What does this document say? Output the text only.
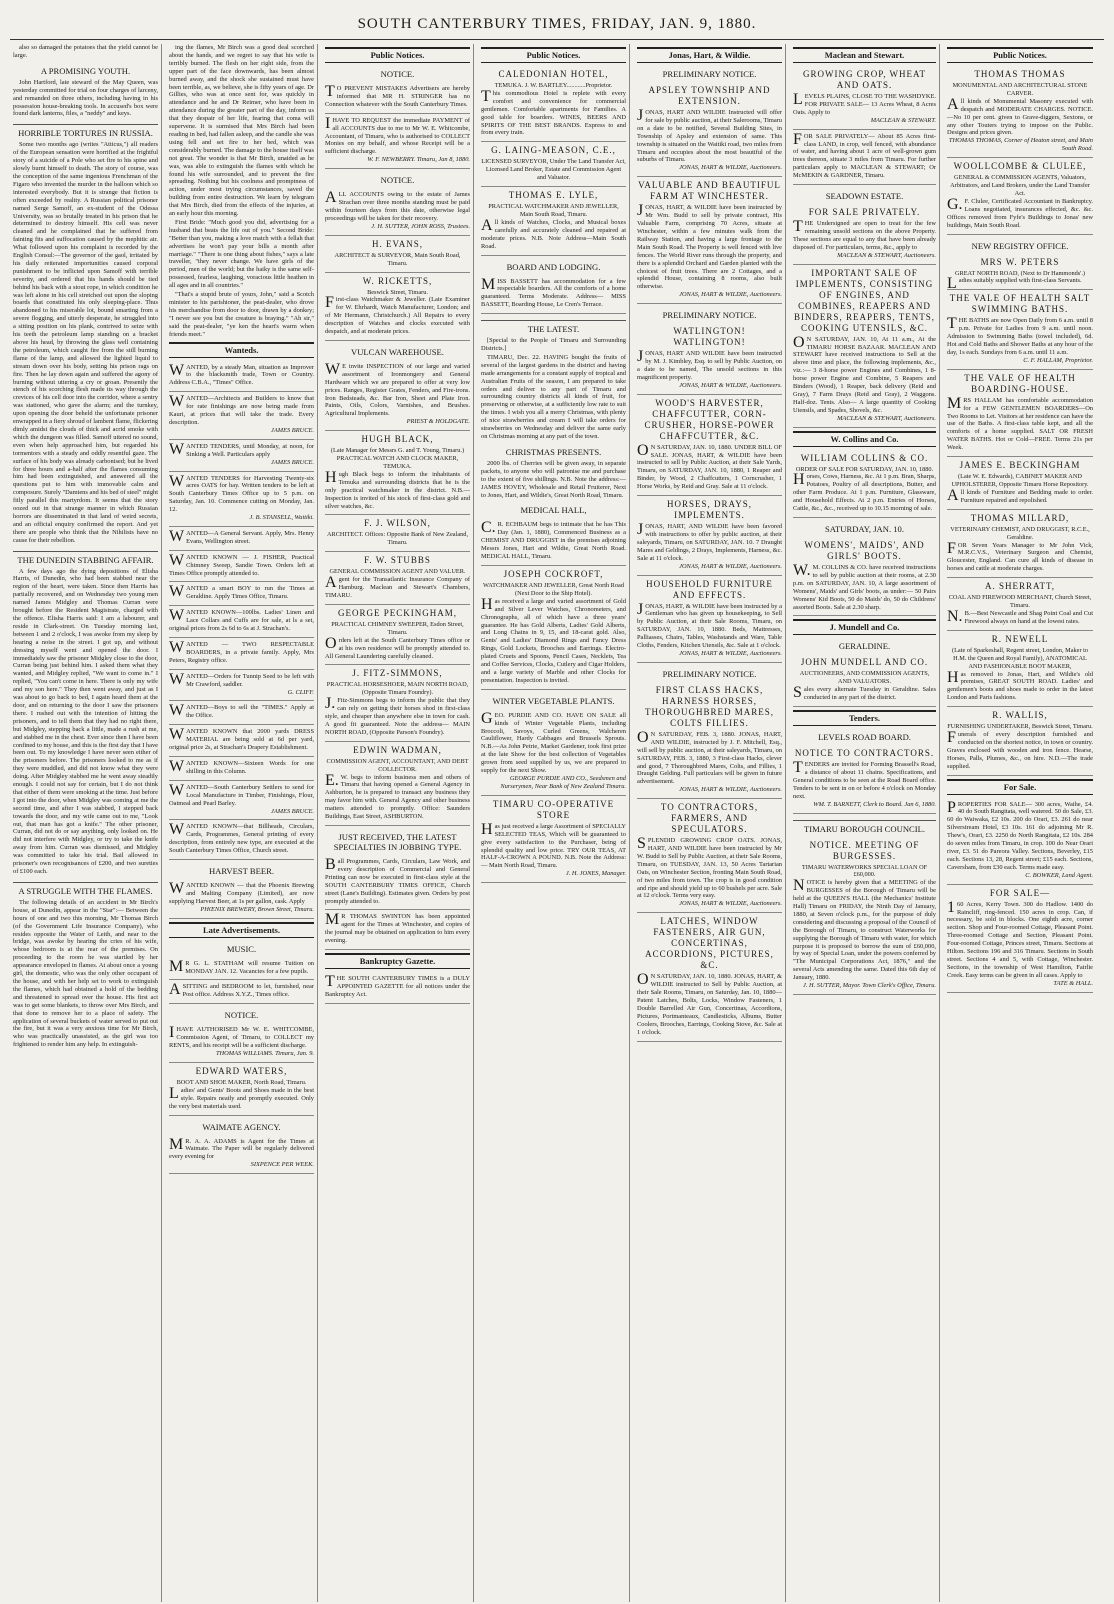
SOUTH CANTERBURY TIMES, FRIDAY, JAN. 9, 1880.

also so damaged the potatoes that the yield cannot be large.

A PROMISING YOUTH.

John Hartford, late steward of the May Queen, was yesterday committed for trial on four charges of larceny, and remanded on three others, including having in his possession house-breaking tools. In accused's box were found dark lanterns, files, a "neddy" and keys.

HORRIBLE TORTURES IN RUSSIA.

Some two months ago (writes "Atticus,") all readers of the European sensation were horrified at the frightful story of a suicide of a Pole who set fire to his spine and slowly burnt himself to death. The story of course, was the conception of the same ingenious Frenchman of the Figaro who invented the murder in the balloon which so interested everybody. But it is strange that fiction is often exceeded by reality. A Russian political prisoner named Serge Samoff, an ex-student of the Odessa University, was so brutally treated in his prison that he determined to destroy himself. His cell was never cleaned and he complained that he suffered from fainting fits and suffocation caused by the mephitic air. What followed upon his complaint is recorded by the English Consul:—The governor of the gaol, irritated by his daily reiterated importunities caused corporal punishment to be inflicted upon Samoff with terrible severity, and ordered that his hands should be tied behind his back with a stout rope, in which condition he was left alone in his cell stretched out upon the sloping boards that constituted his only sleeping-place. Thus abandoned to his miserable lot, bound smarting from a severe flogging, and utterly desperate, he struggled into a sitting position on his plank, contrived to seize with his teeth the petroleum lamp standing on a bracket above his head, by throwing the glass well containing the petroleum, which caught fire from the still burning flame of the lamp, and allowed the lighted liquid to stream down over his body, setting his prison rags on fire. Then he lay down again and suffered the agony of burning without uttering a cry or groan. Presently the stench of his scorching flesh made its way through the crevices of his cell door into the corridor, where a sentry was stationed, who gave the alarm; and the turnkey, upon opening the door beheld the unfortunate prisoner enwrapped in a fiery shroud of lambent flame, flickering dimly amidst the clouds of thick and acrid smoke with which the dungeon was filled. Samoff uttered no sound, even when help approached him, but regarded his tormentors with a steady and oddly resentful gaze. The surface of his body was already carbonised; but he lived for three hours and a-half after the flames consuming him had been extinguished, and answered all the questions put to him with immovable calm and composure. Surely "Damiens and his bed of steel" might fitly parallel this martyrdom. It seems that the story oozed out in that strange manner in which Russian horrors are disseminated in that land of weird secrets, and an official enquiry confirmed the report. And yet there are people who think that the Nihilists have no cause for their rebellion.

THE DUNEDIN STABBING AFFAIR.

A few days ago the dying depositions of Elisha Harris, of Dunedin, who had been stabbed near the region of the heart, were taken. Since then Harris has partially recovered, and on Wednesday two young men named James Midgley and Thomas Curran were brought before the Resident Magistrate, charged with the offence. Elisha Harris said: I am a labourer, and reside in Clark-street. On Tuesday morning last, between 1 and 2 o'clock, I was awoke from my sleep by hearing a noise in the street. I got up, and without dressing myself went and opened the door. I immediately saw the prisoner Midgley close to the door, Curran being just behind him. I asked them what they wanted, and Midgley replied, "We want to come in." I replied, "You can't come in here. There is only my wife and my son here." They then went away, and just as I was about to go back to bed, I again heard them at the door, and on returning to the door I saw the prisoners there. I rushed out with the intention of hitting the prisoners, and to tell them that they had no right there, but Midgley, stepping back a little, made a rush at me, and stabbed me in the chest. Ever since then I have been confined to my house, and this is the first day that I have been out. To my knowledge I have never seen either of the prisoners before. The prisoners looked to me as if they were muddled, and did not know what they were doing. After Midgley stabbed me he went away steadily enough. I could not say for certain, but I do not think that either of them were smoking at the time. Just before I got into the door, when Midgley was coming at me the second time, and after I was stabbed, I stepped back towards the door, and my wife came out to me, "Look out, that man has got a knife." The other prisoner, Curran, did not do or say anything, only looked on. He did not interfere with Midgley, or try to take the knife away from him. Curran was dismissed, and Midgley was committed to take his trial. Bail allowed in prisoner's own recognisances of £200, and two sureties of £100 each.

A STRUGGLE WITH THE FLAMES.

The following details of an accident in Mr Birch's house, at Dunedin, appear in the "Star":— Between the hours of one and two this morning, Mr Thomas Birch (of the Government Life Insurance Company), who resides opposite the Water of Leith, and near to the bridge, was awoke by hearing the cries of his wife, whose bedroom is at the rear of the premises. On proceeding to the room he was startled by her appearance enveloped in flames. At about once a young girl, the domestic, who was the only other occupant of the house, and with her help set to work to extinguish the flames, which had obtained a hold of the bedding and threatened to spread over the house. His first act was to get some blankets, to throw over Mrs Birch, and that done to remove her to a place of safety. The application of several buckets of water served to put out the fire, but it was a very anxious time for Mr Birch, who was practically unassisted, as the girl was too frightened to render him any help. In extinguish-

ing the flames, Mr Birch was a good deal scorched about the hands, and we regret to say that his wife is terribly burned. The flesh on her right side, from the upper part of the face downwards, has been almost burned away, and the shock she sustained must have been terrible, as, we believe, she is fifty years of age. Dr Gillies, who was at once sent for, was quickly in attendance and he and Dr Reimer, who have been in attendance during the greater part of the day, inform us that they despair of her life, fearing that coma will supervene. It is surmised that Mrs Birch had been reading in bed, had fallen asleep, and the candle she was using fell and set fire to her bed, which was considerably burned. The damage to the house itself was not great. The wonder is that Mr Birch, unaided as he was, was able to extinguish the flames with which he found his wife surrounded, and to prevent the fire spreading. Nothing but his coolness and promptness of action, under most trying circumstances, saved the building from entire destruction. We learn by telegram that Mrs Birch, died from the effects of the injuries, at an early hour this morning.

First Bride: "Much good you did, advertising for a husband that beats the life out of you." Second Bride: "Better than you, making a love match with a fellah that advertises he won't pay your bills a month after marriage." "There is one thing about fishes," says a late traveller, "they never change. We have girls of the period, men of the world; but the haiky is the same self-possessed, fearless, laughing, voracious little heathen in all ages and in all countries."

"That's a stupid brute of yours, John," said a Scotch minister to his parishioner, the peat-dealer, who drove his merchandise from door to door, drawn by a donkey; "I never see you but the creature is braying." "Ah sir," said the peat-dealer, "ye ken the heart's warm when friends meet."

Wanteds.
WANTED, by a steady Man, situation as Improver to the blacksmith trade, Town or Country. Address C.B.A., "Times" Office.
WANTED—Architects and Builders to know that for rate finishings are now being made from Kauri, at prices that will take the trade. Every description.
JAMES BRUCE.
WANTED TENDERS, until Monday, at noon, for Sinking a Well. Particulars apply
JAMES BRUCE.
WANTED TENDERS for Harvesting Twenty-six acres OATS for hay. Written tenders to be left at South Canterbury Times Office up to 5 p.m. on Saturday, Jan. 10. Commence cutting on Monday, Jan. 12.
J. B. STANSELL, Waitiki.
WANTED—A General Servant. Apply, Mrs. Henry Evans, Wellington street.
WANTED KNOWN — J. FISHER, Practical Chimney Sweep, Sandie Town. Orders left at Times Office promptly attended to.
WANTED a smart BOY to run the Times at Geraldine. Apply Times Office, Timaru.
WANTED KNOWN—100lbs. Ladies' Linen and Lace Collars and Cuffs are for sale, at ls a set, original prices from 2s 6d to 6s at J. Strachan's.
WANTED — TWO RESPECTABLE BOARDERS, in a private family. Apply, Mrs Peters, Registry office.
WANTED—Orders for Tunnip Seed to be left with Mr Crawford, saddler.
G. CLIFF.
WANTED—Boys to sell the "TIMES." Apply at the Office.
WANTED KNOWN that 2000 yards DRESS MATERIAL are being sold at 6d per yard, original price 2s, at Strachan's Drapery Establishment.
WANTED KNOWN—Sixteen Words for one shilling in this Column.
WANTED—South Canterbury Settlers to send for Local Manufacture in Timber, Finishings, Flour, Oatmeal and Pearl Barley.
JAMES BRUCE.
WANTED KNOWN—that Billheads, Circulars, Cards, Programmes, General printing of every description, from entirely new type, are executed at the South Canterbury Times Office, Church street.
HARVEST BEER.
WANTED KNOWN — that the Phoenix Brewing and Malting Company (Limited), are now supplying Harvest Beer, at 1s per gallon, cask. Apply
PHŒNIX BREWERY, Brown Street, Timaru.
Late Advertisements.
MUSIC.
MR G. L. STATHAM will resume Tuition on MONDAY JAN. 12. Vacancies for a few pupils.
ASITTING and BEDROOM to let, furnished, near Post office. Address X.Y.Z., Times office.
NOTICE.
IHAVE AUTHORISED Mr W. E. WHITCOMBE, Commission Agent, of Timaru, to COLLECT my RENTS, and his receipt will be a sufficient discharge.
THOMAS WILLIAMS. Timaru, Jan. 9.
EDWARD WATERS,
BOOT AND SHOE MAKER, North Road, Timaru.
Ladies' and Gents' Boots and Shoes made in the best style. Repairs neatly and promptly executed. Only the very best materials used.
WAIMATE AGENCY.
MR. A. A. ADAMS is Agent for the Times at Waimate. The Paper will be regularly delivered every evening for
SIXPENCE PER WEEK.
Public Notices.
NOTICE.
TO PREVENT MISTAKES Advertisers are hereby informed that MR H. STRINGER has no Connection whatever with the South Canterbury Times.
IHAVE TO REQUEST the immediate PAYMENT of all ACCOUNTS due to me to Mr W. E. Whitcombe, Accountant, of Timaru, who is authorised to COLLECT Monies on my behalf, and whose Receipt will be a sufficient discharge.
W. F. NEWBERRY. Timaru, Jan 8, 1880.
NOTICE.
ALL ACCOUNTS owing to the estate of James Strachan over three months standing must be paid within fourteen days from this date, otherwise legal proceedings will be taken for their recovery.
J. H. SUTTER, JOHN ROSS, Trustees.
H. EVANS,
ARCHITECT & SURVEYOR, Main South Road, Timaru.
W. RICKETTS,
Beswick Street, Timaru.
First-class Watchmaker & Jeweller. (Late Examiner for W. Ehrhardt, Watch Manufacturer, London; and of Mr Hermann, Christchurch.) All Repairs to every description of Watches and clocks executed with despatch, and at moderate prices.
VULCAN WAREHOUSE.
WE invite INSPECTION of our large and varied assortment of Ironmongery and General Hardware which we are prepared to offer at very low prices. Ranges, Register Grates, Fenders, and Fire-irons. Iron Bedsteads, &c. Bar Iron, Sheet and Plate Iron. Paints, Oils, Colors, Varnishes, and Brushes. Agricultural Implements.
PRIEST & HOLDGATE.
HUGH BLACK,
(Late Manager for Messrs G. and T. Young, Timaru.) PRACTICAL WATCH AND CLOCK MAKER, TEMUKA.
Hugh Black begs to inform the inhabitants of Temuka and surrounding districts that he is the only practical watchmaker in the district. N.B.—Inspection is invited of his stock of first-class gold and silver watches, &c.
F. J. WILSON,
ARCHITECT. Offices: Opposite Bank of New Zealand, Timaru.
F. W. STUBBS
GENERAL COMMISSION AGENT AND VALUER.
Agent for the Transatlantic Insurance Company of Hamburg. Maclean and Stewart's Chambers, TIMARU.
GEORGE PECKINGHAM,
PRACTICAL CHIMNEY SWEEPER, Esdon Street, Timaru.
Orders left at the South Canterbury Times office or at his own residence will be promptly attended to. All General Laundering carefully cleaned.
J. FITZ-SIMMONS,
PRACTICAL HORSESHOER, MAIN NORTH ROAD, (Opposite Timaru Foundry).
J.Fitz-Simmons begs to inform the public that they can rely on getting their horses shod in first-class style, and cheaper than anywhere else in town for cash. A good fit guaranteed. Note the address— MAIN NORTH ROAD, (Opposite Parson's Foundry).
EDWIN WADMAN,
COMMISSION AGENT, ACCOUNTANT, AND DEBT COLLECTOR.
E.W. begs to inform business men and others of Timaru that having opened a General Agency in Ashburton, he is prepared to transact any business they may favor him with. General Agency and other business matters attended to promptly. Office: Saunders Buildings, East Street, ASHBURTON.
JUST RECEIVED, THE LATEST SPECIALTIES IN JOBBING TYPE.
Ball Programmes, Cards, Circulars, Law Work, and every description of Commercial and General Printing can now be executed in first-class style at the SOUTH CANTERBURY TIMES OFFICE, Church street (Lane's Building). Estimates given. Orders by post promptly attended to.
MR THOMAS SWINTON has been appointed agent for the Times at Winchester, and copies of the journal may be obtained on application to him every evening.
Bankruptcy Gazette.
THE SOUTH CANTERBURY TIMES is a DULY APPOINTED GAZETTE for all notices under the Bankruptcy Act.
Public Notices.
CALEDONIAN HOTEL,
TEMUKA. J. W. BARTLEY............Proprietor.
This commodious Hotel is replete with every comfort and convenience for commercial gentlemen. Comfortable apartments for Families. A good table for boarders. WINES, BEERS AND SPIRITS OF THE BEST BRANDS. Express to and from every train.
G. LAING-MEASON, C.E.,
LICENSED SURVEYOR, Under The Land Transfer Act, Licensed Land Broker, Estate and Commission Agent and Valuator.
THOMAS E. LYLE,
PRACTICAL WATCHMAKER AND JEWELLER, Main South Road, Timaru.
All kinds of Watches, Clocks, and Musical boxes carefully and accurately cleaned and repaired at moderate prices. N.B. Note Address—Main South Road.
BOARD AND LODGING.
MISS BASSETT has accommodation for a few respectable boarders. All the comforts of a home guaranteed. Terms Moderate. Address— MISS BASSETT, Boarding House, Le Cren's Terrace.
THE LATEST.

[Special to the People of Timaru and Surrounding Districts.]

TIMARU, Dec. 22. HAVING bought the fruits of several of the largest gardens in the district and having made arrangements for a constant supply of tropical and Australian Fruits of the season, I am prepared to take orders and deliver to any part of Timaru and surrounding country districts all kinds of fruit, for preserving or otherwise, at a sufficiently low rate to suit the times. I wish you all a merry Christmas, with plenty of nice strawberries and cream I will take orders for strawberries on Wednesday and deliver the same early on Christmas morning at any part of the town.

CHRISTMAS PRESENTS.

2000 lbs. of Cherries will be given away, in separate packets, to anyone who will patronise me and purchase to the extent of five shillings. N.B. Note the address:— JAMES HOVEY, Wholesale and Retail Fruiterer, Next to Jones, Hart, and Wildie's, Great North Road, Timaru.

MEDICAL HALL,
C.R. ECHBAUM begs to intimate that he has This Day (Jan. 1, 1880), Commenced Business as a CHEMIST AND DRUGGIST in the premises adjoining Messrs Jones, Hart and Wildie, Great North Road. MEDICAL HALL, Timaru.
JOSEPH COCKROFT,
WATCHMAKER AND JEWELLER, Great North Road (Next Door to the Ship Hotel).
Has received a large and varied assortment of Gold and Silver Lever Watches, Chronometers, and Chronographs, all of which have a three years' guarantee. He has Gold Alberts, Ladies' Gold Alberts, and Long Chains in 9, 15, and 18-carat gold. Also, Gents' and Ladies' Diamond Rings and Fancy Dress Rings, Gold Lockets, Brooches and Earrings. Electro-plated Cruets and Spoons, Pencil Cases, Necklets, Tea and Coffee Services, Clocks, Cutlery and Cigar Holders, and a large variety of Marble and other Clocks for presentation. Inspection is invited.
WINTER VEGETABLE PLANTS.
GEO. PURDIE AND CO. HAVE ON SALE all kinds of Winter Vegetable Plants, including Broccoli, Savoys, Curled Greens, Walcheren Cauliflower, Hardy Cabbages and Brussels Sprouts. N.B.—As John Petrie, Market Gardener, took first prize at the late Show for the best collection of Vegetables grown from seed supplied by us, we are prepared to supply for the next Show.
GEORGE PURDIE AND CO., Seedsmen and Nurserymen, Near Bank of New Zealand Timaru.
TIMARU CO-OPERATIVE STORE
Has just received a large Assortment of SPECIALLY SELECTED TEAS, Which will be guaranteed to give every satisfaction to the Purchaser, being of splendid quality and low price. TRY OUR TEAS, AT HALF-A-CROWN A POUND. N.B. Note the Address:— Main North Road, Timaru.
J. H. JONES, Manager.
Jonas, Hart, & Wildie.
PRELIMINARY NOTICE.
APSLEY TOWNSHIP AND EXTENSION.
JONAS, HART AND WILDIE Instructed will offer for sale by public auction, at their Salerooms, Timaru on a date to be notified, Several Building Sites, in Township of Apsley and extension of same. This township is situated on the Waitiki road, two miles from Timaru and occupies about the most beautiful of the suburbs of Timaru.
JONAS, HART & WILDIE, Auctioneers.
VALUABLE AND BEAUTIFUL FARM AT WINCHESTER.
JONAS, HART, & WILDIE have been instructed by Mr Wm. Budd to sell by private contract, His Valuable Farm, comprising 70 Acres, situate at Winchester, within a few minutes walk from the Railway Station, and having a large frontage to the Main South Road. The Property is well fenced with live fences. The World River runs through the property, and there is a splendid Orchard and Garden planted with the choicest of fruit trees. There are 2 Cottages, and a splendid House, containing 8 rooms, also built otherwise.
JONAS, HART & WILDIE, Auctioneers.
PRELIMINARY NOTICE.
WATLINGTON! WATLINGTON!
JONAS, HART AND WILDIE have been instructed by M. J. Kimbley, Esq. to sell by Public Auction, on a date to be named, The unsold sections in this magnificent property.
JONAS, HART & WILDIE, Auctioneers.
WOOD'S HARVESTER, CHAFFCUTTER, CORN-CRUSHER, HORSE-POWER CHAFFCUTTER, &C.
ON SATURDAY, JAN. 10, 1880. UNDER BILL OF SALE. JONAS, HART, & WILDIE have been instructed to sell by Public Auction, at their Sale Yards, Timaru, on SATURDAY, JAN. 10, 1880, 1 Reaper and Binder, by Wood, 2 Chaffcutters, 1 Corncrusher, 1 Horse Works, by Reid and Gray. Sale at 11 o'clock.
HORSES, DRAYS, IMPLEMENTS.
JONAS, HART, AND WILDIE have been favored with instructions to offer by public auction, at their saleyards, Timaru, on SATURDAY, JAN. 10. 7 Draught Mares and Geldings, 2 Drays, Implements, Harness, &c. Sale at 11 o'clock.
JONAS, HART & WILDIE, Auctioneers.
HOUSEHOLD FURNITURE AND EFFECTS.
JONAS, HART, & WILDIE have been instructed by a Gentleman who has given up housekeeping, to Sell by Public Auction, at their Sale Rooms, Timaru, on SATURDAY, JAN. 10, 1880. Beds, Mattresses, Palliasses, Chairs, Tables, Washstands and Ware, Table Cloths, Fenders, Kitchen Utensils, &c. Sale at 1 o'clock.
JONAS, HART & WILDIE, Auctioneers.
PRELIMINARY NOTICE.
FIRST CLASS HACKS, HARNESS HORSES, THOROUGHBRED MARES, COLTS FILLIES.
ON SATURDAY, FEB. 3, 1880. JONAS, HART, AND WILDIE, instructed by J. F. Mitchell, Esq., will sell by public auction, at their saleyards, Timaru, on SATURDAY, FEB. 3, 1880, 3 First-class Hacks, clever and good, 7 Thoroughbred Mares, Colts, and Fillies, 1 Draught Gelding. Full particulars will be given in future advertisement.
JONAS, HART & WILDIE, Auctioneers.
TO CONTRACTORS, FARMERS, AND SPECULATORS.
SPLENDID GROWING CROP OATS. JONAS, HART, AND WILDIE have been instructed by Mr W. Budd to Sell by Public Auction, at their Sale Rooms, Timaru, on TUESDAY, JAN. 13, 50 Acres Tartarian Oats, on Winchester Section, fronting Main South Road, of two miles from town. The crop is in good condition and ripe and should yield up to 60 bushels per acre. Sale at 12 o'clock. Terms very easy.
JONAS, HART & WILDIE, Auctioneers.
LATCHES, WINDOW FASTENERS, AIR GUN, CONCERTINAS, ACCORDIONS, PICTURES, &C.
ON SATURDAY, JAN. 10, 1880. JONAS, HART, & WILDIE instructed to Sell by Public Auction, at their Sale Rooms, Timaru, on Saturday, Jan. 10, 1880— Patent Latches, Bolts, Locks, Window Fasteners, 1 Double Barrelled Air Gun, Concertinas, Accordions, Pictures, Portmanteaux, Candlesticks, Albums, Butter Coolers, Brooches, Earrings, Cooking Stove, &c. Sale at 1 o'clock.
Maclean and Stewart.
GROWING CROP, WHEAT AND OATS.
LEVELS PLAINS, CLOSE TO THE WASHDYKE. FOR PRIVATE SALE— 13 Acres Wheat, 8 Acres Oats. Apply to
MACLEAN & STEWART.
FOR SALE PRIVATELY— About 85 Acres first-class LAND, in crop, well fenced, with abundance of water, and having about 1 acre of well-grown gum trees thereon, situate 3 miles from Timaru. For further particulars apply to MACLEAN & STEWART; Or McMEKIN & GARDNER, Timaru.
SEADOWN ESTATE.
FOR SALE PRIVATELY.
THE Undersigned are open to treat for the few remaining unsold sections on the above Property. These sections are equal to any that have been already disposed of. For particulars, terms, &c., apply to
MACLEAN & STEWART, Auctioneers.
IMPORTANT SALE OF IMPLEMENTS, CONSISTING OF ENGINES, AND COMBINES, REAPERS AND BINDERS, REAPERS, TENTS, COOKING UTENSILS, &C.
ON SATURDAY, JAN. 10, At 11 a.m., At the TIMARU HORSE BAZAAR. MACLEAN AND STEWART have received instructions to Sell at the above time and place, the following implements, &c., viz.:— 3 8-horse power Engines and Combines, 1 8-horse power Engine and Combine, 5 Reapers and Binders (Wood), 1 Reaper, back delivery (Reid and Gray), 7 Farm Drays (Reid and Gray), 2 Waggons. Half-doz. Tents. Also— A large quantity of Cooking Utensils, and Spades, Shovels, &c.
MACLEAN & STEWART, Auctioneers.
W. Collins and Co.
WILLIAM COLLINS & CO.
ORDER OF SALE FOR SATURDAY, JAN. 10, 1880.
Horses, Cows, Harness, &c. At 1 p.m. Bran, Sharps, Potatoes, Poultry of all descriptions, Butter, and other Farm Produce. At 1 p.m. Furniture, Glassware, and Household Effects. At 2 p.m. Entries of Horses, Cattle, &c., &c., received up to 10.15 morning of sale.
SATURDAY, JAN. 10.
WOMENS', MAIDS', AND GIRLS' BOOTS.
W.M. COLLINS & CO. have received instructions to sell by public auction at their rooms, at 2.30 p.m. on SATURDAY, JAN. 10, A large assortment of Womens', Maids' and Girls' boots, as under:— 50 Pairs Womens' Kid Boots, 50 do Maids' do, 50 do Childrens' assorted Boots. Sale at 2.30 sharp.
J. Mundell and Co.
GERALDINE.
JOHN MUNDELL AND CO.
AUCTIONEERS, AND COMMISSION AGENTS, AND VALUATORS.
Sales every alternate Tuesday in Geraldine. Sales conducted in any part of the district.
Tenders.
LEVELS ROAD BOARD.
NOTICE TO CONTRACTORS.
TENDERS are invited for Forming Brassell's Road, a distance of about 11 chains. Specifications, and General conditions to be seen at the Road Board office. Tenders to be sent in on or before 4 o'clock on Monday next.
WM. T. BARNETT, Clerk to Board. Jan 6, 1880.
TIMARU BOROUGH COUNCIL.
NOTICE. MEETING OF BURGESSES.
TIMARU WATERWORKS SPECIAL LOAN OF £60,000.
NOTICE is hereby given that a MEETING of the BURGESSES of the Borough of Timaru will be held at the QUEEN'S HALL (the Mechanics' Institute Hall) Timaru on FRIDAY, the Ninth Day of January, 1880, at Seven o'clock p.m., for the purpose of duly considering and discussing a proposal of the Council of the Borough of Timaru, to construct Waterworks for supplying the Borough of Timaru with water, for which purpose it is proposed to borrow the sum of £60,000, by way of Special Loan, under the powers conferred by "The Municipal Corporations Act, 1876," and the several Acts amending the same. Dated this 6th day of January, 1880.
J. H. SUTTER, Mayor. Town Clerk's Office, Timaru.
Public Notices.
THOMAS THOMAS
MONUMENTAL AND ARCHITECTURAL STONE CARVER.
All kinds of Monumental Masonry executed with despatch and MODERATE CHARGES. NOTICE.—No 10 per cent. given to Grave-diggers, Sextons, or any other Touters trying to impose on the Public. Designs and prices given.
THOMAS THOMAS, Corner of Heaton street, and Main South Road.
WOOLLCOMBE & CLULEE,
GENERAL & COMMISSION AGENTS, Valuators, Arbitrators, and Land Brokers, under the Land Transfer Act.
G.F. Clulee, Certificated Accountant in Bankruptcy. Loans negotiated, insurances effected, &c. &c. Offices removed from Fyfe's Buildings to Jonas' new buildings, Main South Road.
NEW REGISTRY OFFICE.
MRS W. PETERS
GREAT NORTH ROAD, (Next to Dr Hammonds'.)
Ladies suitably supplied with first-class Servants.
THE VALE OF HEALTH SALT SWIMMING BATHS.
THE BATHS are now Open Daily from 6 a.m. until 8 p.m. Private for Ladies from 9 a.m. until noon. Admission to Swimming Baths (towel included), 6d. Hot and Cold Baths and Shower Baths at any hour of the day, 1s each. Sundays from 6 a.m. until 11 a.m.
C. F. HALLAM, Proprietor.
THE VALE OF HEALTH BOARDING-HOUSE.
MRS HALLAM has comfortable accommodation for a FEW GENTLEMEN BOARDERS—On Two Rooms to Let. Visitors at her residence can have the use of the Baths. A first-class table kept, and all the comforts of a home supplied. SALT OR FRESH WATER BATHS. Hot or Cold—FREE. Terms 21s per Week.
JAMES E. BECKINGHAM
(Late W. E. Edwards), CABINET MAKER AND UPHOLSTERER, Opposite Timaru Horse Repository.
All kinds of Furniture and Bedding made to order. Furniture repaired and repolished.
THOMAS MILLARD,
VETERINARY CHEMIST, AND DRUGGIST, R.C.E., Geraldine.
FOR Seven Years Manager to Mr John Vick, M.R.C.V.S., Veterinary Surgeon and Chemist, Gloucester, England. Can cure all kinds of disease in horses and cattle at moderate charges.
A. SHERRATT,
COAL AND FIREWOOD MERCHANT, Church Street, Timaru.
N.B.—Best Newcastle and Shag Point Coal and Cut Firewood always on hand at the lowest rates.
R. NEWELL
(Late of Sparkeshall, Regent street, London, Maker to H.M. the Queen and Royal Family), ANATOMICAL AND FASHIONABLE BOOT MAKER,
Has removed to Jonas, Hart, and Wildie's old premises, GREAT SOUTH ROAD. Ladies' and gentlemen's boots and shoes made to order in the latest London and Paris fashions.
R. WALLIS,
FURNISHING UNDERTAKER, Beswick Street, Timaru.
Funerals of every description furnished and conducted on the shortest notice, in town or country. Graves enclosed with wooden and iron fence. Hearse, Horses, Palls, Plumes, &c., on hire. N.D.—The trade supplied.
For Sale.
PROPERTIES FOR SALE— 300 acres, Waihe, £4. 40 do South Rangitata, well watered. 50 do Sale, £3. 60 do Waiwaka, £2 10s. 200 do Orari, £3. 261 do near Silverstream Hotel, £3 10s. 161 do adjoining Mr R. Thew's, Orari, £3. 2250 do North Rangitata, £2 10s. 284 do seven miles from Timaru, in crop. 100 do Near Orari river, £3. 51 do Pareora Valley. Sections, Beverley, £15 each. Sections 13, 28, Regent street; £15 each. Sections, Caversham, from £30 each. Terms made easy.
C. BOWKER, Land Agent.
FOR SALE—
160 Acres, Kerry Town. 300 do Hadlow. 1400 do Raincliff, ring-fenced. 150 acres in crop. Can, if necessary, be sold in blocks. One eighth acre, corner section. Shop and Four-roomed Cottage, Pleasant Point. Three-roomed Cottage and Section, Pleasant Point. Four-roomed Cottage, Princes street, Timaru. Sections at Hilton. Sections 196 and 316 Timaru. Sections in South street. Sections 4 and 5, with Cottage, Winchester. Sections, in the township of West Hamilton, Fairlie Creek. Easy terms can be given in all cases. Apply to
TATE & HALL.
